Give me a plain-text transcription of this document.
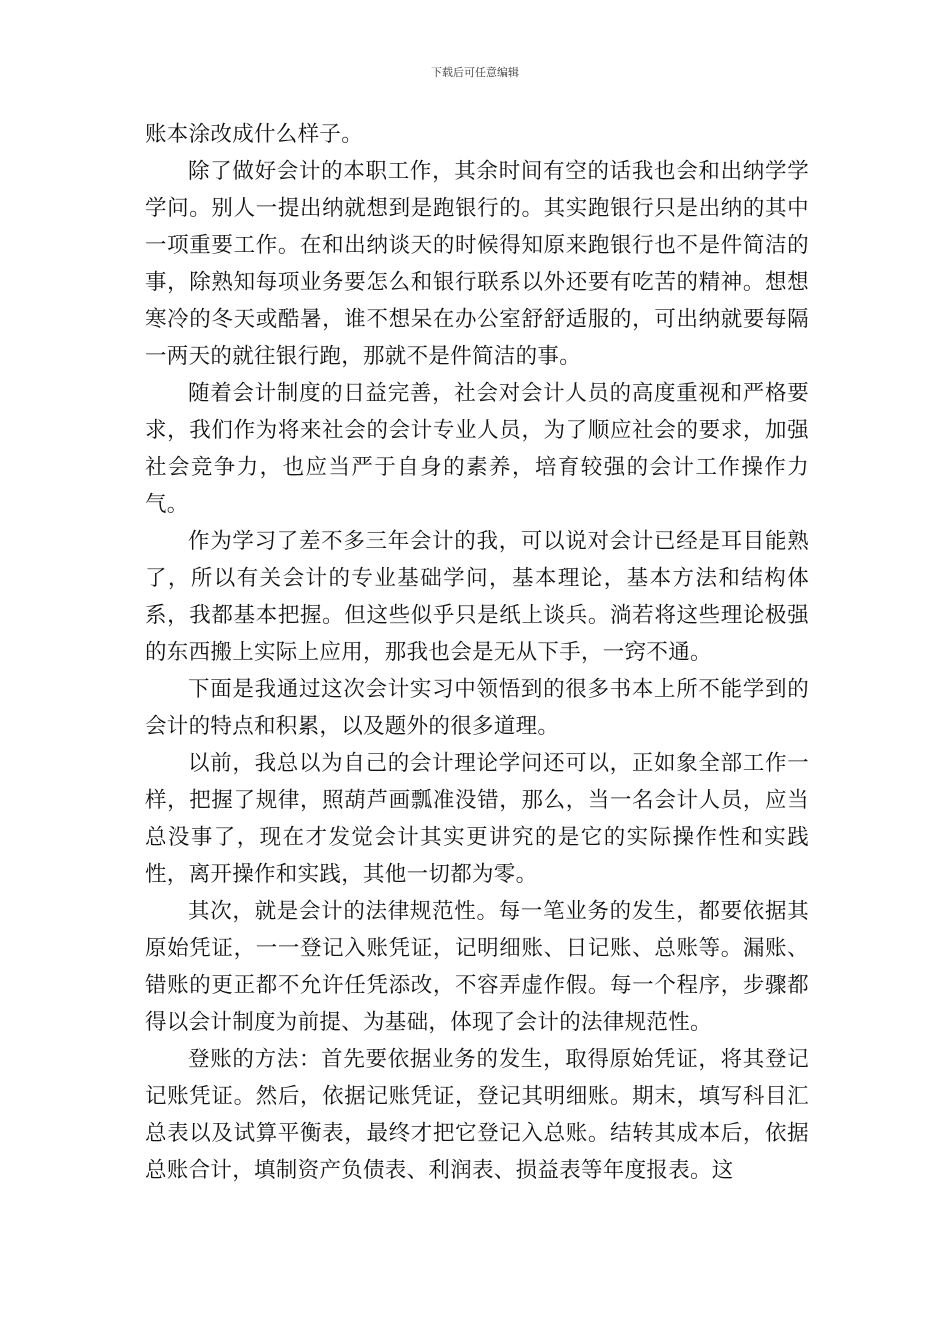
下载后可任意编辑

账本涂改成什么样子。

除了做好会计的本职工作，其余时间有空的话我也会和出纳学学学问。别人一提出纳就想到是跑银行的。其实跑银行只是出纳的其中一项重要工作。在和出纳谈天的时候得知原来跑银行也不是件简洁的事，除熟知每项业务要怎么和银行联系以外还要有吃苦的精神。想想寒冷的冬天或酷暑，谁不想呆在办公室舒舒适服的，可出纳就要每隔一两天的就往银行跑，那就不是件简洁的事。

随着会计制度的日益完善，社会对会计人员的高度重视和严格要求，我们作为将来社会的会计专业人员，为了顺应社会的要求，加强社会竞争力，也应当严于自身的素养，培育较强的会计工作操作力气。

作为学习了差不多三年会计的我，可以说对会计已经是耳目能熟了，所以有关会计的专业基础学问，基本理论，基本方法和结构体系，我都基本把握。但这些似乎只是纸上谈兵。淌若将这些理论极强的东西搬上实际上应用，那我也会是无从下手，一窍不通。

下面是我通过这次会计实习中领悟到的很多书本上所不能学到的会计的特点和积累，以及题外的很多道理。

以前，我总以为自己的会计理论学问还可以，正如象全部工作一样，把握了规律，照葫芦画瓢准没错，那么，当一名会计人员，应当总没事了，现在才发觉会计其实更讲究的是它的实际操作性和实践性，离开操作和实践，其他一切都为零。

其次，就是会计的法律规范性。每一笔业务的发生，都要依据其原始凭证，一一登记入账凭证，记明细账、日记账、总账等。漏账、错账的更正都不允许任凭添改，不容弄虚作假。每一个程序，步骤都得以会计制度为前提、为基础，体现了会计的法律规范性。

登账的方法：首先要依据业务的发生，取得原始凭证，将其登记记账凭证。然后，依据记账凭证，登记其明细账。期末，填写科目汇总表以及试算平衡表，最终才把它登记入总账。结转其成本后，依据总账合计，填制资产负债表、利润表、损益表等年度报表。这
